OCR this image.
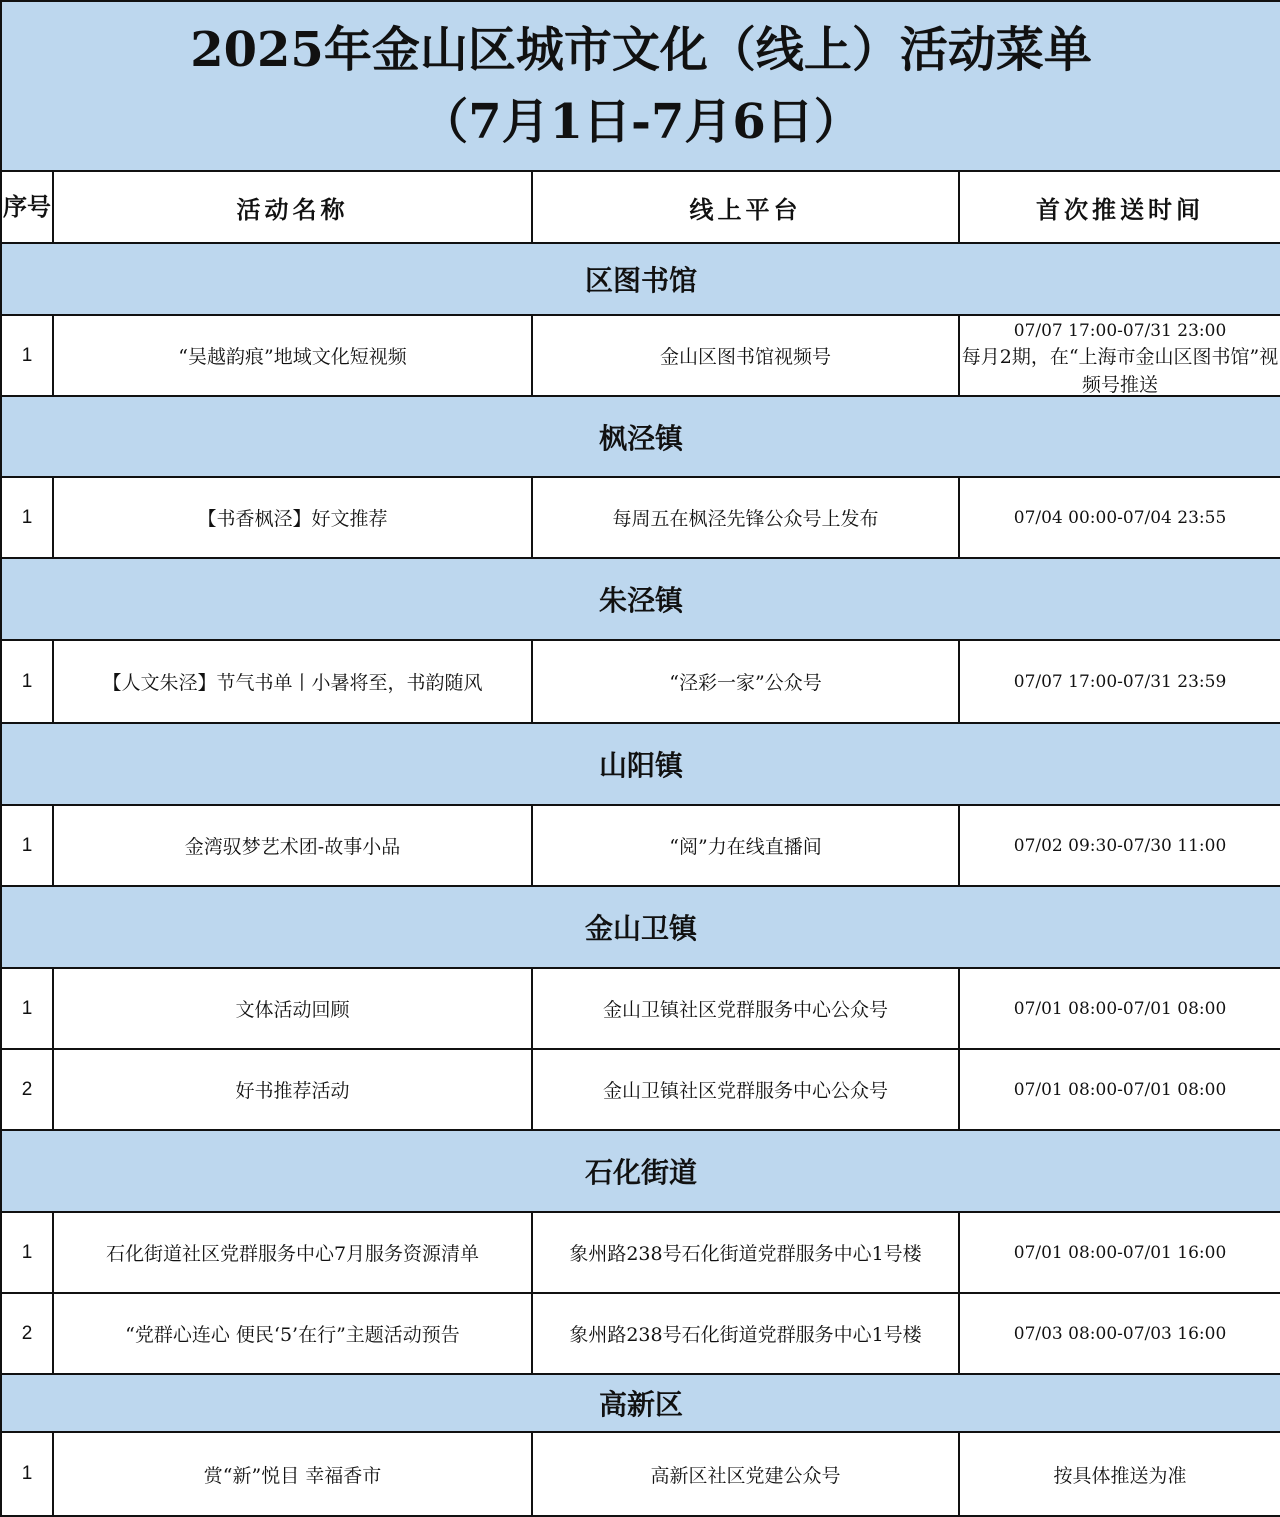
2025年金山区城市文化（线上）活动菜单
（7月1日-7月6日）			

序号	活动名称	线上平台	首次推送时间
区图书馆			
1	“吴越韵痕”地域文化短视频	金山区图书馆视频号	07/07 17:00-07/31 23:00
每月2期，在“上海市金山区图书馆”视频号推送

枫泾镇			
1	【书香枫泾】好文推荐	每周五在枫泾先锋公众号上发布	07/04 00:00-07/04 23:55
朱泾镇			
1	【人文朱泾】节气书单丨小暑将至，书韵随风	“泾彩一家”公众号	07/07 17:00-07/31 23:59
山阳镇			
1	金湾驭梦艺术团-故事小品	“阅”力在线直播间	07/02 09:30-07/30 11:00
金山卫镇			
1	文体活动回顾	金山卫镇社区党群服务中心公众号	07/01 08:00-07/01 08:00
2	好书推荐活动	金山卫镇社区党群服务中心公众号	07/01 08:00-07/01 08:00
石化街道			
1	石化街道社区党群服务中心7月服务资源清单	象州路238号石化街道党群服务中心1号楼	07/01 08:00-07/01 16:00
2	“党群心连心 便民‘5’在行”主题活动预告	象州路238号石化街道党群服务中心1号楼	07/03 08:00-07/03 16:00
高新区			
1	赏“新”悦目 幸福香市	高新区社区党建公众号	按具体推送为准
